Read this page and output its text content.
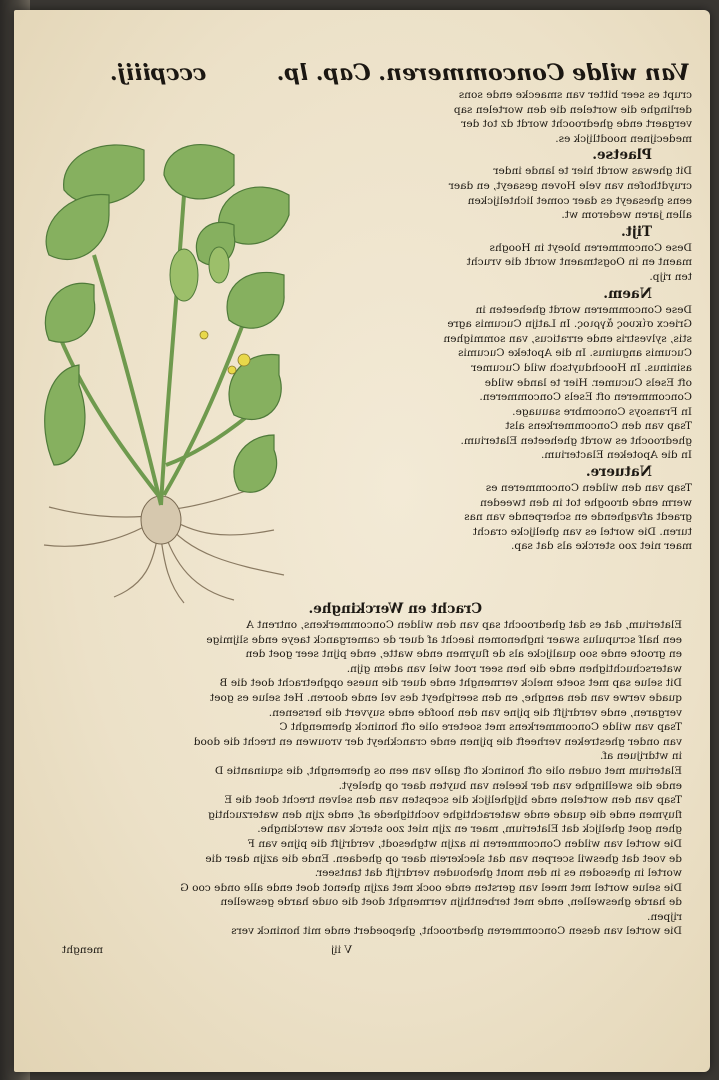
Van wilde Concommeren. Cap. lp.
cccpiiij.

crupt es seer bitter van smaecke ende sons

derlinghe die wortelen die den wortelen sap

vergaert ende ghedroocht wordt dz tot der

medecijnen noodtlijck es.

Plaetse.

Dit ghewas wordt hier te lande inder

cruydthofen van vele Hoven gesaeyt, en daer

eens ghesaeyt es daer comet lichtelijcken

allen jaren wederom wt.

Tijt.

Dese Concommeren bloeyt in Hooghs

maent en in Oogstmaent wordt die vrucht

ten rijp.

Naem.

Dese Concommeren wordt gheheeten in

Griecx σίκυος ἄγριος. In Latijn Cucumis agre

stis, sylvestris ende erraticus, van sommighen

Cucumis anguinus. In die Apoteke Cucumis

asininus. In Hoochduytsch wild Cucumer

oft Esels Cucumer. Hier te lande wilde

Concommeren oft Esels Concommeren.

In Fransoys Concombre sauuage.

Tsap van den Concommerkens alst

ghedroocht es wordt gheheeten Elaterium.

In die Apoteken Elacterium.

Natuere.

Tsap van den wilden Concommeren es

werm ende drooghe tot in den tweeden

graedt afvaghende en scherpende van nas

turen. Die wortel es van ghelijcke cracht

maer niet zoo stercke als dat sap.

Cracht en Werckinghe.

Elaterium, dat es dat ghedroocht sap van den wilden Concommerkens, ontrent A

een half scrupulus swaer inghenomen iaecht af duer de camerganck taeye ende slijmige

en groote ende soo qualijcke als de fluymen ende watte, ende pijnt seer goet den

waterschuchtighen ende die hen seer root wiel van adem gijn.

Dit selue sap met soete melck vermenght ende duer die nuese opghetracht doet die B

quade verwe van den aenghe, en den seerigheyt des vel ende dooren. Het selue es goet

vergaren, ende verdrijft die pijne van den hoofde ende suyvert die hersenen.

Tsap van wilde Concommerkens met soetere olie oft honinck ghemenght C

van onder ghestreken verheeft die pijnen ende cranckheyt der vrouwen en trecht die dood

in wtdrijuen af.

Elaterium met ouden olie oft honinck oft galle van een os ghemenght, die squinantie D

ende die swellinghe van der keelen van buyten daer op gheleyt.

Tsap van den wortelen ende bijghelijck die scepsten van den selven trecht doet die E

fluymen ende die quade ende waterachtighe vochtighede af, ende zijn den waterzuchtig

ghen goet ghelijck dat Elaterium, maer en zijn niet zoo sterck van werckinghe.

Die wortel van wilden Concommeren in azijn wtghesodt, verdrijft die pijne van F

de voet dat gheswil scerpen van dat sleckerein daer op ghedaen. Ende die azijn daer die

wortel in ghesoden es in den mont ghehouden verdrijft dat tantseer.

Die selue wortel met meel van gersten ende oock met azijn ghenot doet ende alle onde coo G

de harde gheswellen, ende met terbenthijn vermenght doet die oude harde geswellen

rijpen.

Die wortel van desen Concommeren ghedroocht, ghepoedert ende mit honinck vers

V iij
menght
